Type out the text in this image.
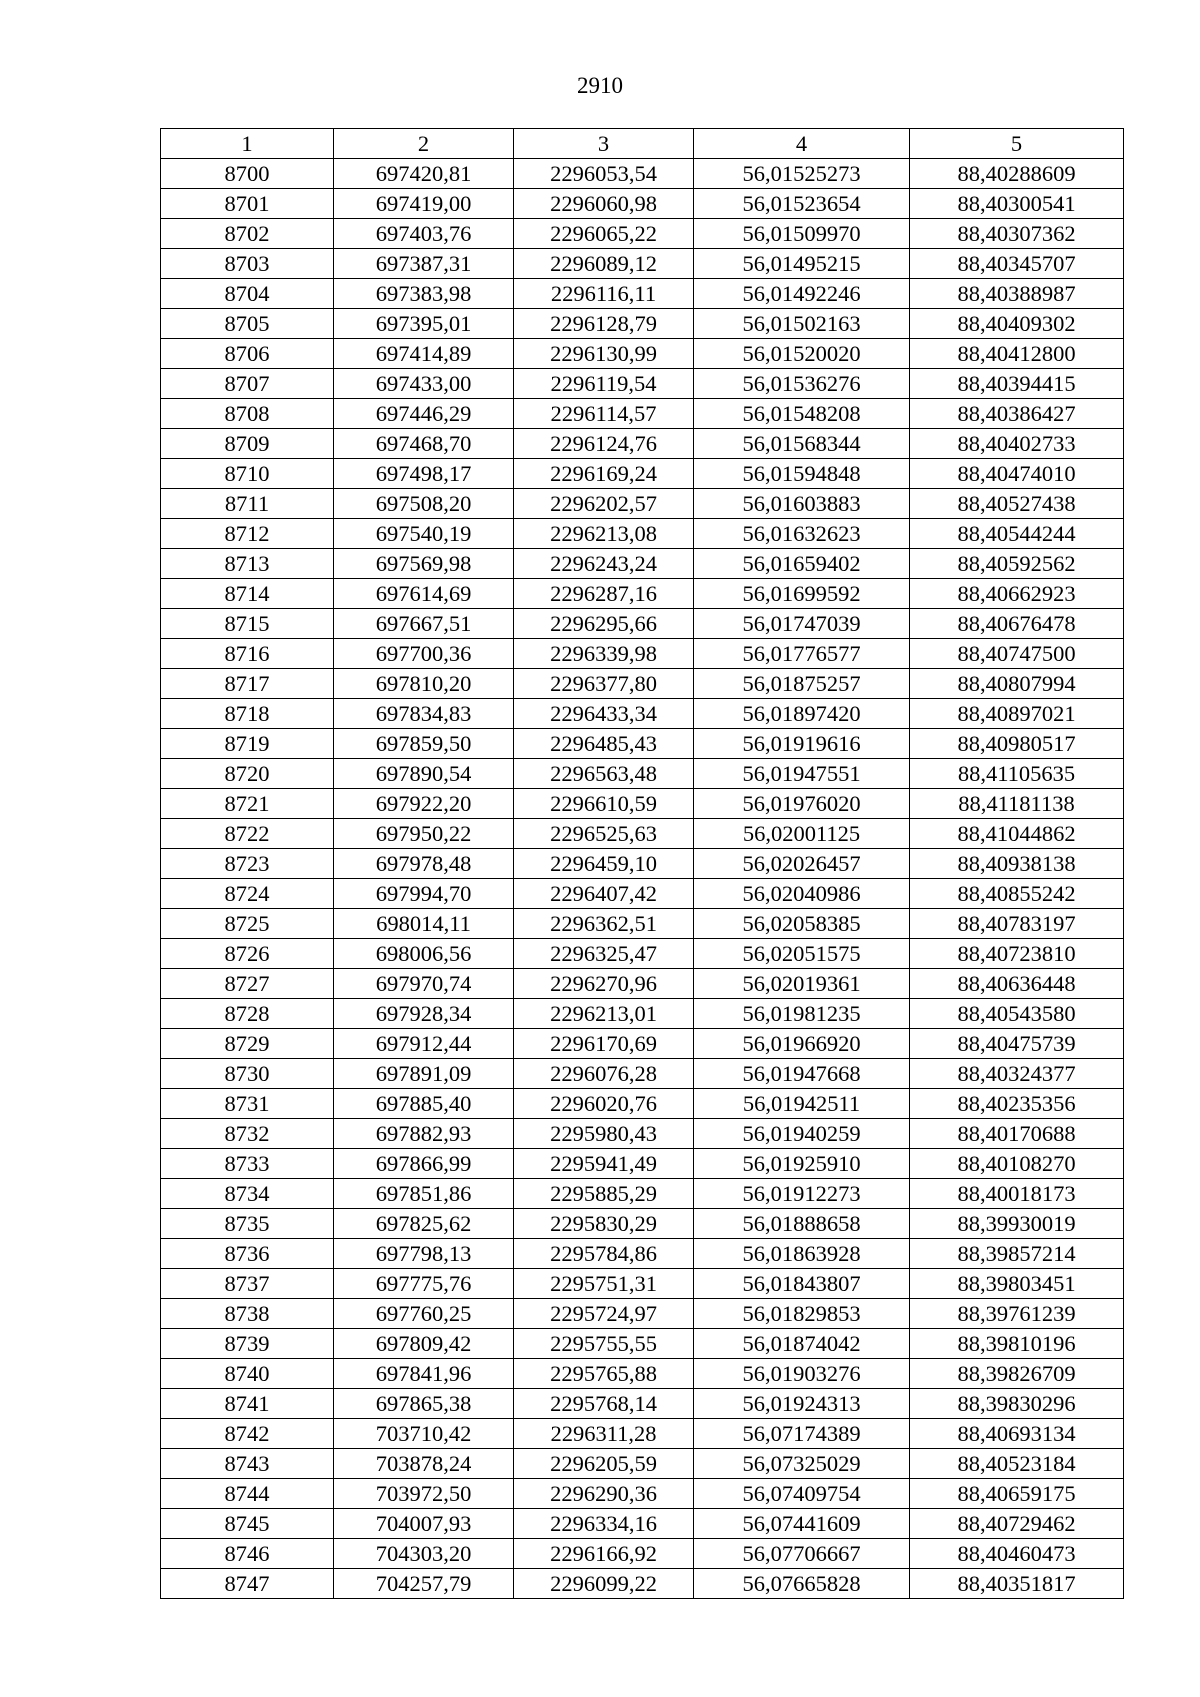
2910
1	2	3	4	5
8700	697420,81	2296053,54	56,01525273	88,40288609
8701	697419,00	2296060,98	56,01523654	88,40300541
8702	697403,76	2296065,22	56,01509970	88,40307362
8703	697387,31	2296089,12	56,01495215	88,40345707
8704	697383,98	2296116,11	56,01492246	88,40388987
8705	697395,01	2296128,79	56,01502163	88,40409302
8706	697414,89	2296130,99	56,01520020	88,40412800
8707	697433,00	2296119,54	56,01536276	88,40394415
8708	697446,29	2296114,57	56,01548208	88,40386427
8709	697468,70	2296124,76	56,01568344	88,40402733
8710	697498,17	2296169,24	56,01594848	88,40474010
8711	697508,20	2296202,57	56,01603883	88,40527438
8712	697540,19	2296213,08	56,01632623	88,40544244
8713	697569,98	2296243,24	56,01659402	88,40592562
8714	697614,69	2296287,16	56,01699592	88,40662923
8715	697667,51	2296295,66	56,01747039	88,40676478
8716	697700,36	2296339,98	56,01776577	88,40747500
8717	697810,20	2296377,80	56,01875257	88,40807994
8718	697834,83	2296433,34	56,01897420	88,40897021
8719	697859,50	2296485,43	56,01919616	88,40980517
8720	697890,54	2296563,48	56,01947551	88,41105635
8721	697922,20	2296610,59	56,01976020	88,41181138
8722	697950,22	2296525,63	56,02001125	88,41044862
8723	697978,48	2296459,10	56,02026457	88,40938138
8724	697994,70	2296407,42	56,02040986	88,40855242
8725	698014,11	2296362,51	56,02058385	88,40783197
8726	698006,56	2296325,47	56,02051575	88,40723810
8727	697970,74	2296270,96	56,02019361	88,40636448
8728	697928,34	2296213,01	56,01981235	88,40543580
8729	697912,44	2296170,69	56,01966920	88,40475739
8730	697891,09	2296076,28	56,01947668	88,40324377
8731	697885,40	2296020,76	56,01942511	88,40235356
8732	697882,93	2295980,43	56,01940259	88,40170688
8733	697866,99	2295941,49	56,01925910	88,40108270
8734	697851,86	2295885,29	56,01912273	88,40018173
8735	697825,62	2295830,29	56,01888658	88,39930019
8736	697798,13	2295784,86	56,01863928	88,39857214
8737	697775,76	2295751,31	56,01843807	88,39803451
8738	697760,25	2295724,97	56,01829853	88,39761239
8739	697809,42	2295755,55	56,01874042	88,39810196
8740	697841,96	2295765,88	56,01903276	88,39826709
8741	697865,38	2295768,14	56,01924313	88,39830296
8742	703710,42	2296311,28	56,07174389	88,40693134
8743	703878,24	2296205,59	56,07325029	88,40523184
8744	703972,50	2296290,36	56,07409754	88,40659175
8745	704007,93	2296334,16	56,07441609	88,40729462
8746	704303,20	2296166,92	56,07706667	88,40460473
8747	704257,79	2296099,22	56,07665828	88,40351817
